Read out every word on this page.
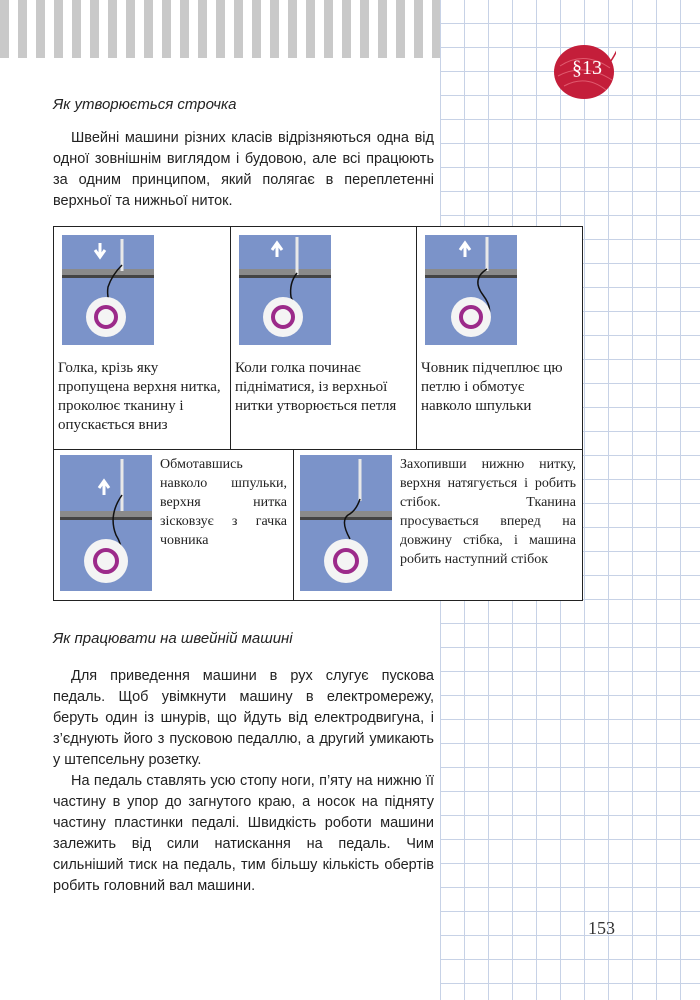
§13
Як утворюється строчка
Швейні машини різних класів відрізняються одна від одної зовнішнім виглядом і будовою, але всі працюють за одним принципом, який полягає в переплетенні верхньої та нижньої ниток.
Голка, крізь яку пропущена верхня нитка, проколює тканину і опускається вниз
Коли голка починає підніматися, із верхньої нитки утворюється петля
Човник підчеплює цю петлю і обмотує навколо шпульки
Обмотавшись навколо шпульки, верхня нитка зісковзує з гачка човника
Захопивши нижню нитку, верхня натягується і робить стібок. Тканина просувається вперед на довжину стібка, і машина робить наступний стібок
Як працювати на швейній машині
Для приведення машини в рух слугує пускова педаль. Щоб увімкнути машину в електромережу, беруть один із шнурів, що йдуть від електродвигуна, і з’єднують його з пусковою педаллю, а другий умикають у штепсельну розетку.
На педаль ставлять усю стопу ноги, п’яту на нижню її частину в упор до загнутого краю, а носок на підняту частину пластинки педалі. Швидкість роботи машини залежить від сили натискання на педаль. Чим сильніший тиск на педаль, тим більшу кількість обертів робить головний вал машини.
153
